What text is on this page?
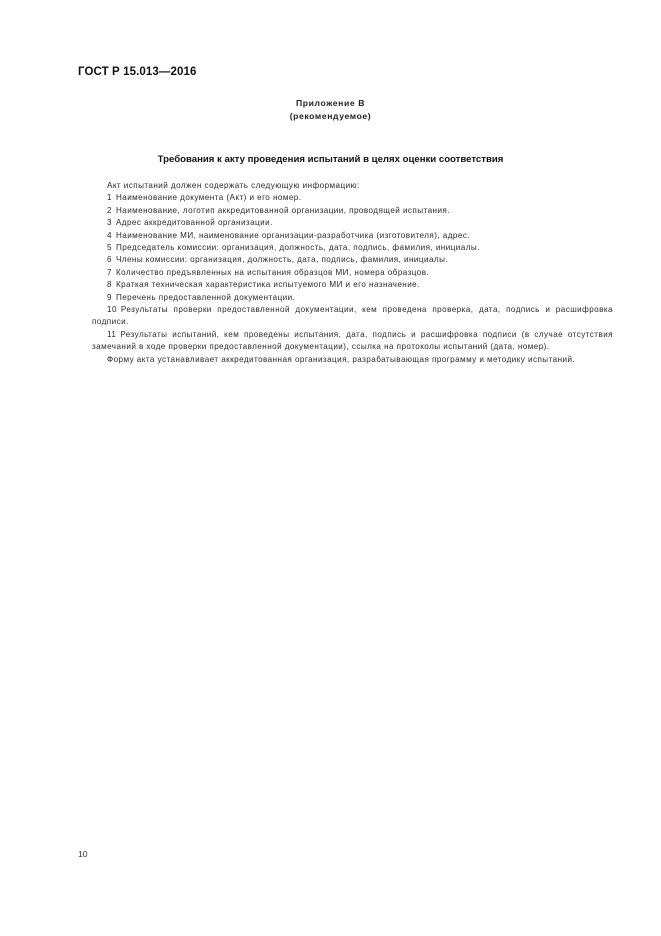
ГОСТ Р 15.013—2016
Приложение В
(рекомендуемое)
Требования к акту проведения испытаний в целях оценки соответствия

Акт испытаний должен содержать следующую информацию:

1 Наименование документа (Акт) и его номер.

2 Наименование, логотип аккредитованной организации, проводящей испытания.

3 Адрес аккредитованной организации.

4 Наименование МИ, наименование организации-разработчика (изготовителя), адрес.

5 Председатель комиссии: организация, должность, дата, подпись, фамилия, инициалы.

6 Члены комиссии: организация, должность, дата, подпись, фамилия, инициалы.

7 Количество предъявленных на испытания образцов МИ, номера образцов.

8 Краткая техническая характеристика испытуемого МИ и его назначение.

9 Перечень предоставленной документации.

10 Результаты проверки предоставленной документации, кем проведена проверка, дата, подпись и расшифровка подписи.

11 Результаты испытаний, кем проведены испытания, дата, подпись и расшифровка подписи (в случае отсутствия замечаний в ходе проверки предоставленной документации), ссылка на протоколы испытаний (дата, номер).

Форму акта устанавливает аккредитованная организация, разрабатывающая программу и методику испытаний.

10
